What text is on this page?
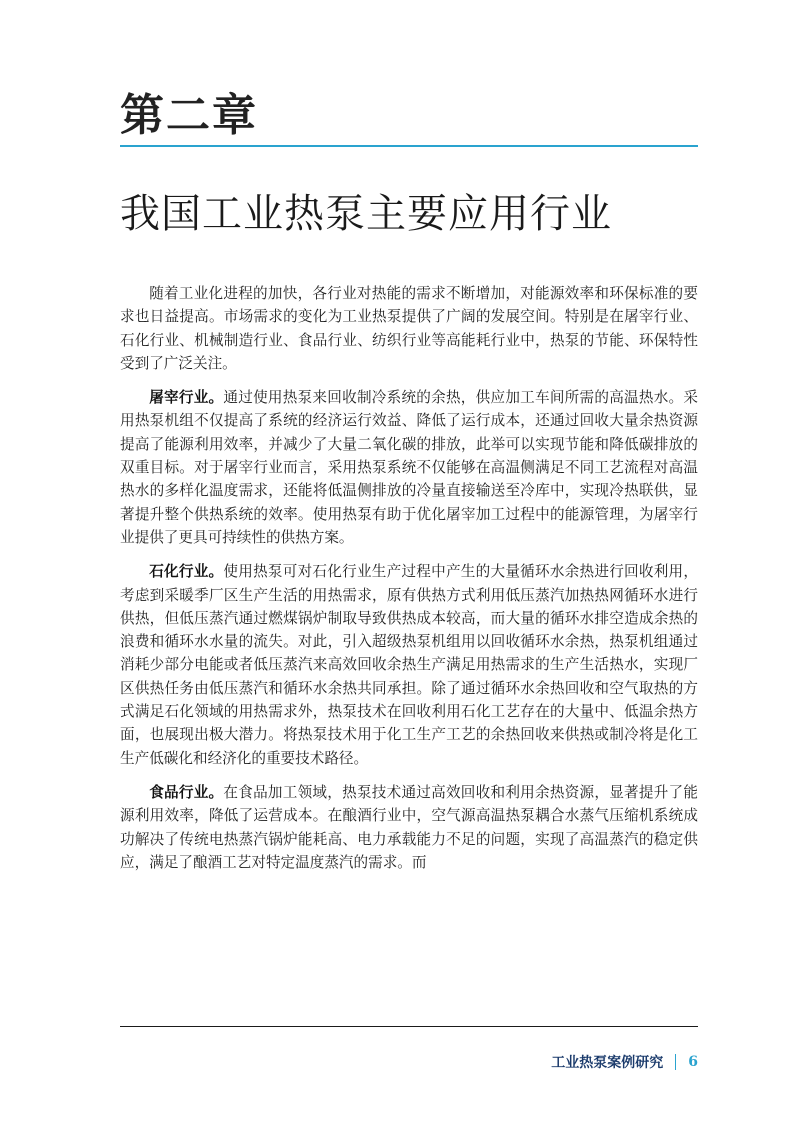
第二章
我国工业热泵主要应用行业

随着工业化进程的加快，各行业对热能的需求不断增加，对能源效率和环保标准的要求也日益提高。市场需求的变化为工业热泵提供了广阔的发展空间。特别是在屠宰行业、石化行业、机械制造行业、食品行业、纺织行业等高能耗行业中，热泵的节能、环保特性受到了广泛关注。

屠宰行业。通过使用热泵来回收制冷系统的余热，供应加工车间所需的高温热水。采用热泵机组不仅提高了系统的经济运行效益、降低了运行成本，还通过回收大量余热资源提高了能源利用效率，并减少了大量二氧化碳的排放，此举可以实现节能和降低碳排放的双重目标。对于屠宰行业而言，采用热泵系统不仅能够在高温侧满足不同工艺流程对高温热水的多样化温度需求，还能将低温侧排放的冷量直接输送至冷库中，实现冷热联供，显著提升整个供热系统的效率。使用热泵有助于优化屠宰加工过程中的能源管理，为屠宰行业提供了更具可持续性的供热方案。

石化行业。使用热泵可对石化行业生产过程中产生的大量循环水余热进行回收利用，考虑到采暖季厂区生产生活的用热需求，原有供热方式利用低压蒸汽加热热网循环水进行供热，但低压蒸汽通过燃煤锅炉制取导致供热成本较高，而大量的循环水排空造成余热的浪费和循环水水量的流失。对此，引入超级热泵机组用以回收循环水余热，热泵机组通过消耗少部分电能或者低压蒸汽来高效回收余热生产满足用热需求的生产生活热水，实现厂区供热任务由低压蒸汽和循环水余热共同承担。除了通过循环水余热回收和空气取热的方式满足石化领域的用热需求外，热泵技术在回收利用石化工艺存在的大量中、低温余热方面，也展现出极大潜力。将热泵技术用于化工生产工艺的余热回收来供热或制冷将是化工生产低碳化和经济化的重要技术路径。

食品行业。在食品加工领域，热泵技术通过高效回收和利用余热资源，显著提升了能源利用效率，降低了运营成本。在酿酒行业中，空气源高温热泵耦合水蒸气压缩机系统成功解决了传统电热蒸汽锅炉能耗高、电力承载能力不足的问题，实现了高温蒸汽的稳定供应，满足了酿酒工艺对特定温度蒸汽的需求。而

工业热泵案例研究 6
